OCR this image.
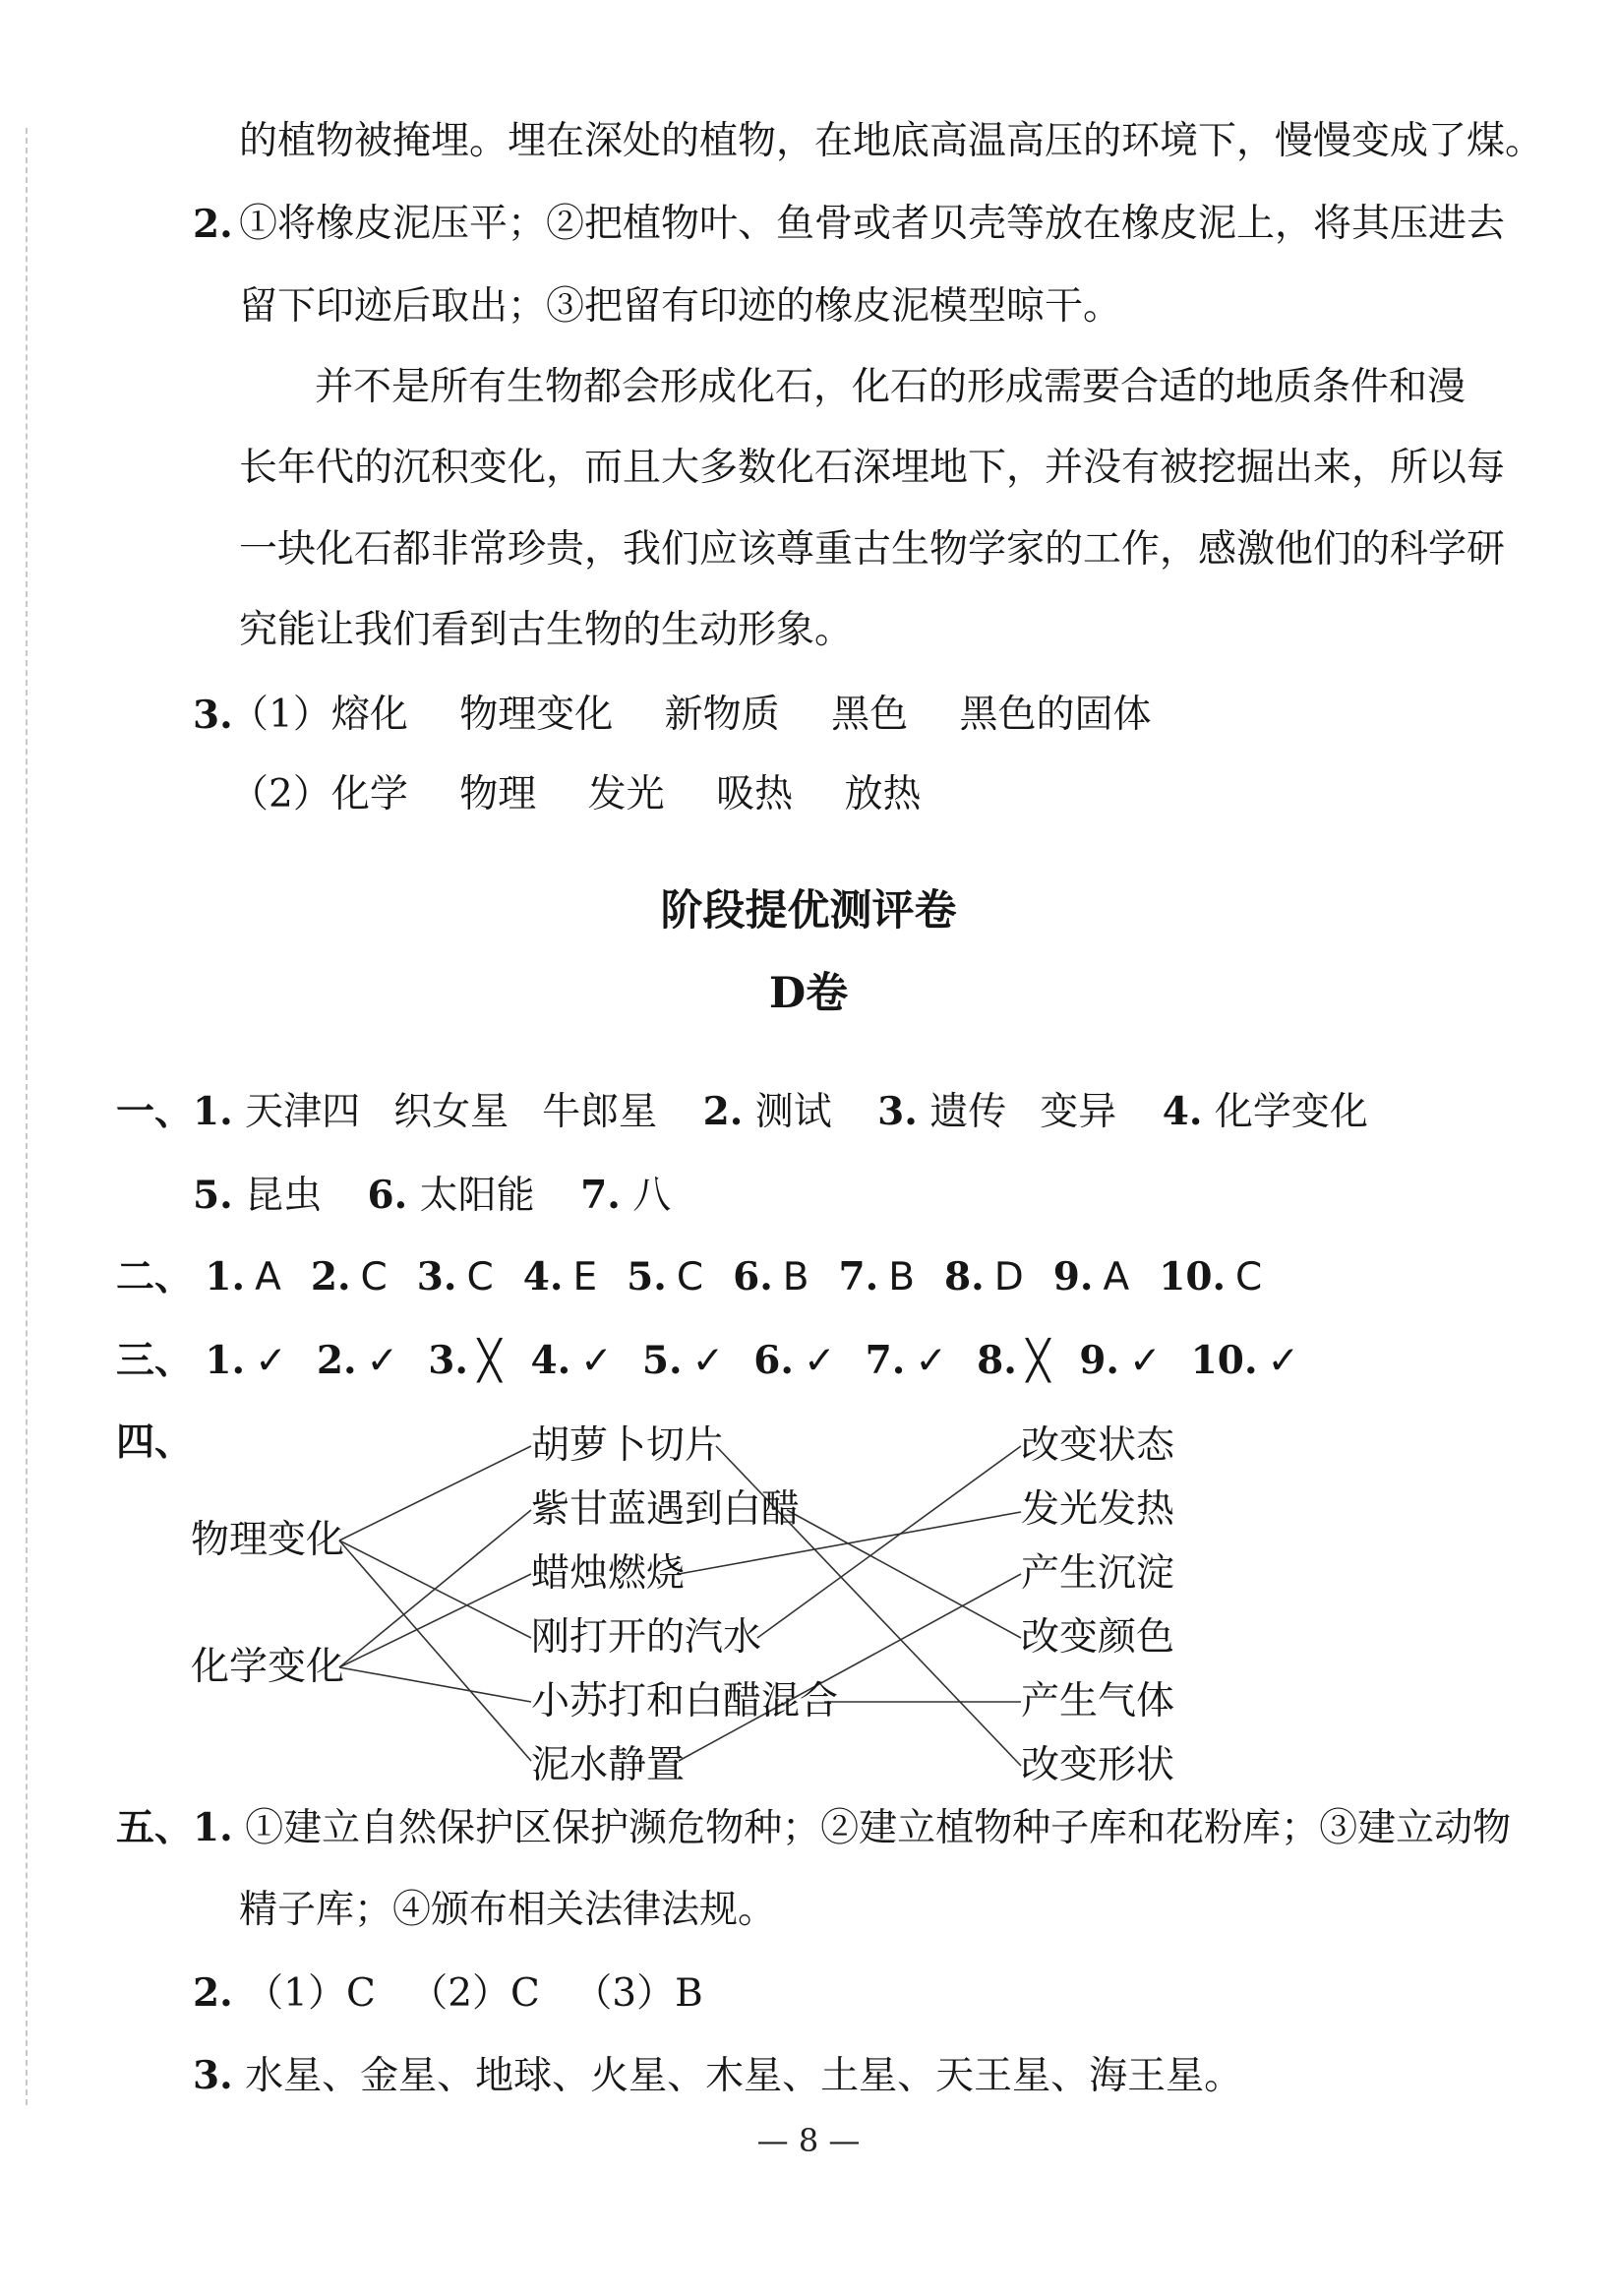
的植物被掩埋。埋在深处的植物，在地底高温高压的环境下，慢慢变成了煤。
2. ①将橡皮泥压平；②把植物叶、鱼骨或者贝壳等放在橡皮泥上，将其压进去
留下印迹后取出；③把留有印迹的橡皮泥模型晾干。
并不是所有生物都会形成化石，化石的形成需要合适的地质条件和漫
长年代的沉积变化，而且大多数化石深埋地下，并没有被挖掘出来，所以每
一块化石都非常珍贵，我们应该尊重古生物学家的工作，感激他们的科学研
究能让我们看到古生物的生动形象。
3.
（1）熔化 物理变化 新物质 黑色 黑色的固体
（2）化学 物理 发光 吸热 放热
阶段提优测评卷
D卷
一、1. 天津四 织女星 牛郎星 2. 测试 3. 遗传 变异 4. 化学变化
5. 昆虫 6. 太阳能 7. 八
二、 1. A 2. C 3. C 4. E 5. C 6. B 7. B 8. D 9. A 10. C
三、 1. ✓ 2. ✓ 3. ╳ 4. ✓ 5. ✓ 6. ✓ 7. ✓ 8. ╳ 9. ✓ 10. ✓
四、
物理变化
化学变化
胡萝卜切片
紫甘蓝遇到白醋
蜡烛燃烧
刚打开的汽水
小苏打和白醋混合
泥水静置
改变状态
发光发热
产生沉淀
改变颜色
产生气体
改变形状
五、1. ①建立自然保护区保护濒危物种；②建立植物种子库和花粉库；③建立动物
精子库；④颁布相关法律法规。
2. （1）C （2）C （3）B
3. 水星、金星、地球、火星、木星、土星、天王星、海王星。
— 8 —
